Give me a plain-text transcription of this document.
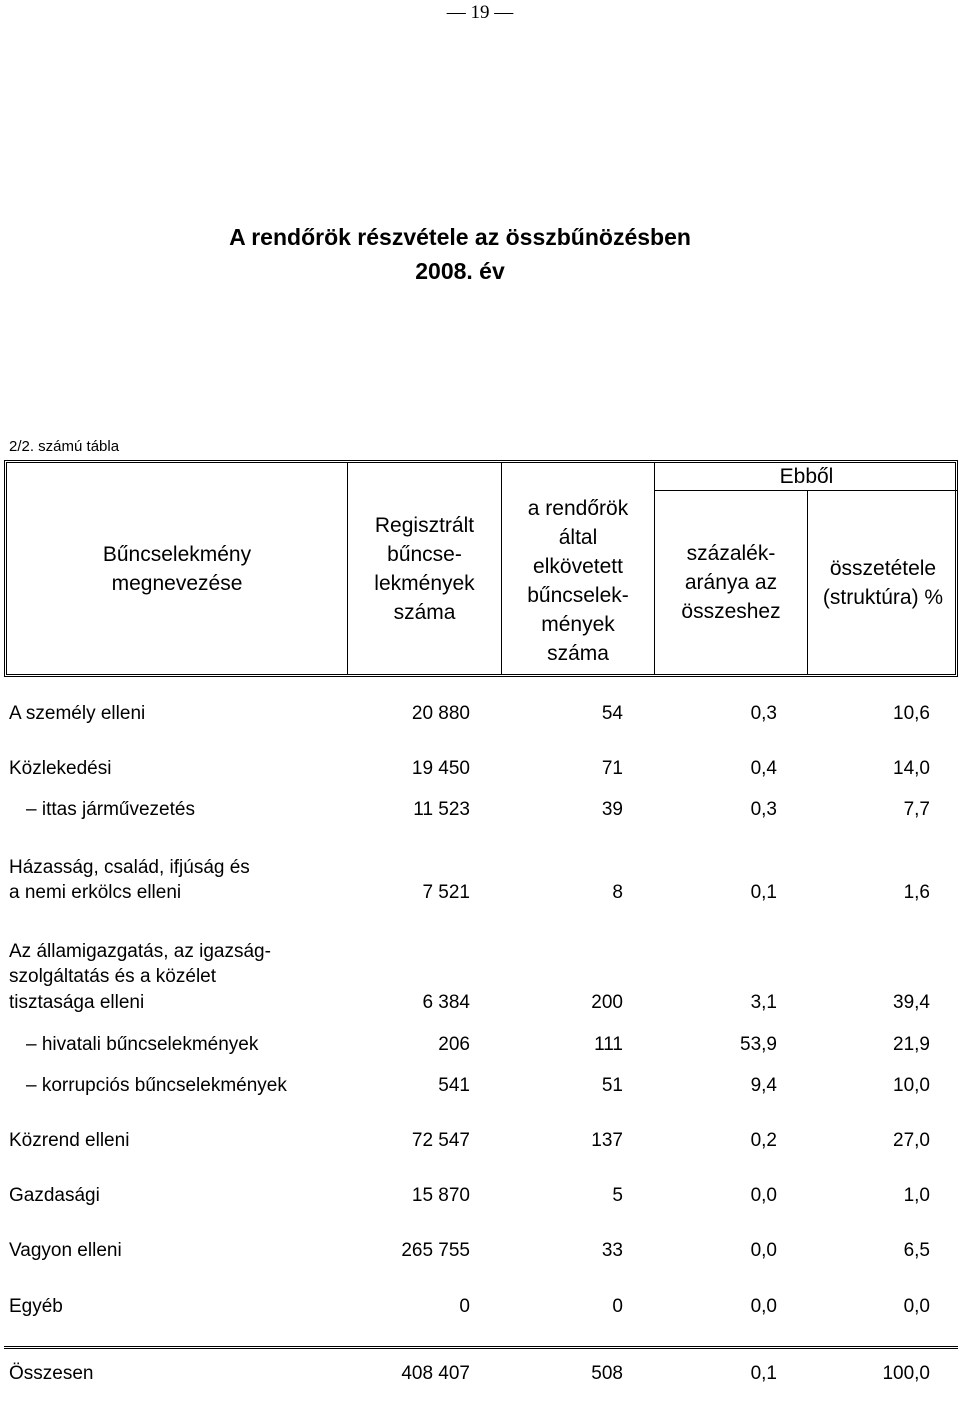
— 19 —
A rendőrök részvétele az összbűnözésben
2008. év
2/2. számú tábla
Bűncselekmény megnevezése
Regisztrált bűncse-lekmények száma
a rendőrök által elkövetett bűncselek-mények száma
Ebből
százalék-aránya az összeshez
összetétele (struktúra) %
A személy elleni	20 880	54	0,3	10,6
Közlekedési	19 450	71	0,4	14,0
– ittas járművezetés	11 523	39	0,3	7,7
Házasság, család, ifjúság és
a nemi erkölcs elleni	7 521	8	0,1	1,6
Az államigazgatás, az igazság-
szolgáltatás és a közélet
tisztasága elleni	6 384	200	3,1	39,4
– hivatali bűncselekmények	206	111	53,9	21,9
– korrupciós bűncselekmények	541	51	9,4	10,0
Közrend elleni	72 547	137	0,2	27,0
Gazdasági	15 870	5	0,0	1,0
Vagyon elleni	265 755	33	0,0	6,5
Egyéb	0	0	0,0	0,0
Összesen	408 407	508	0,1	100,0
